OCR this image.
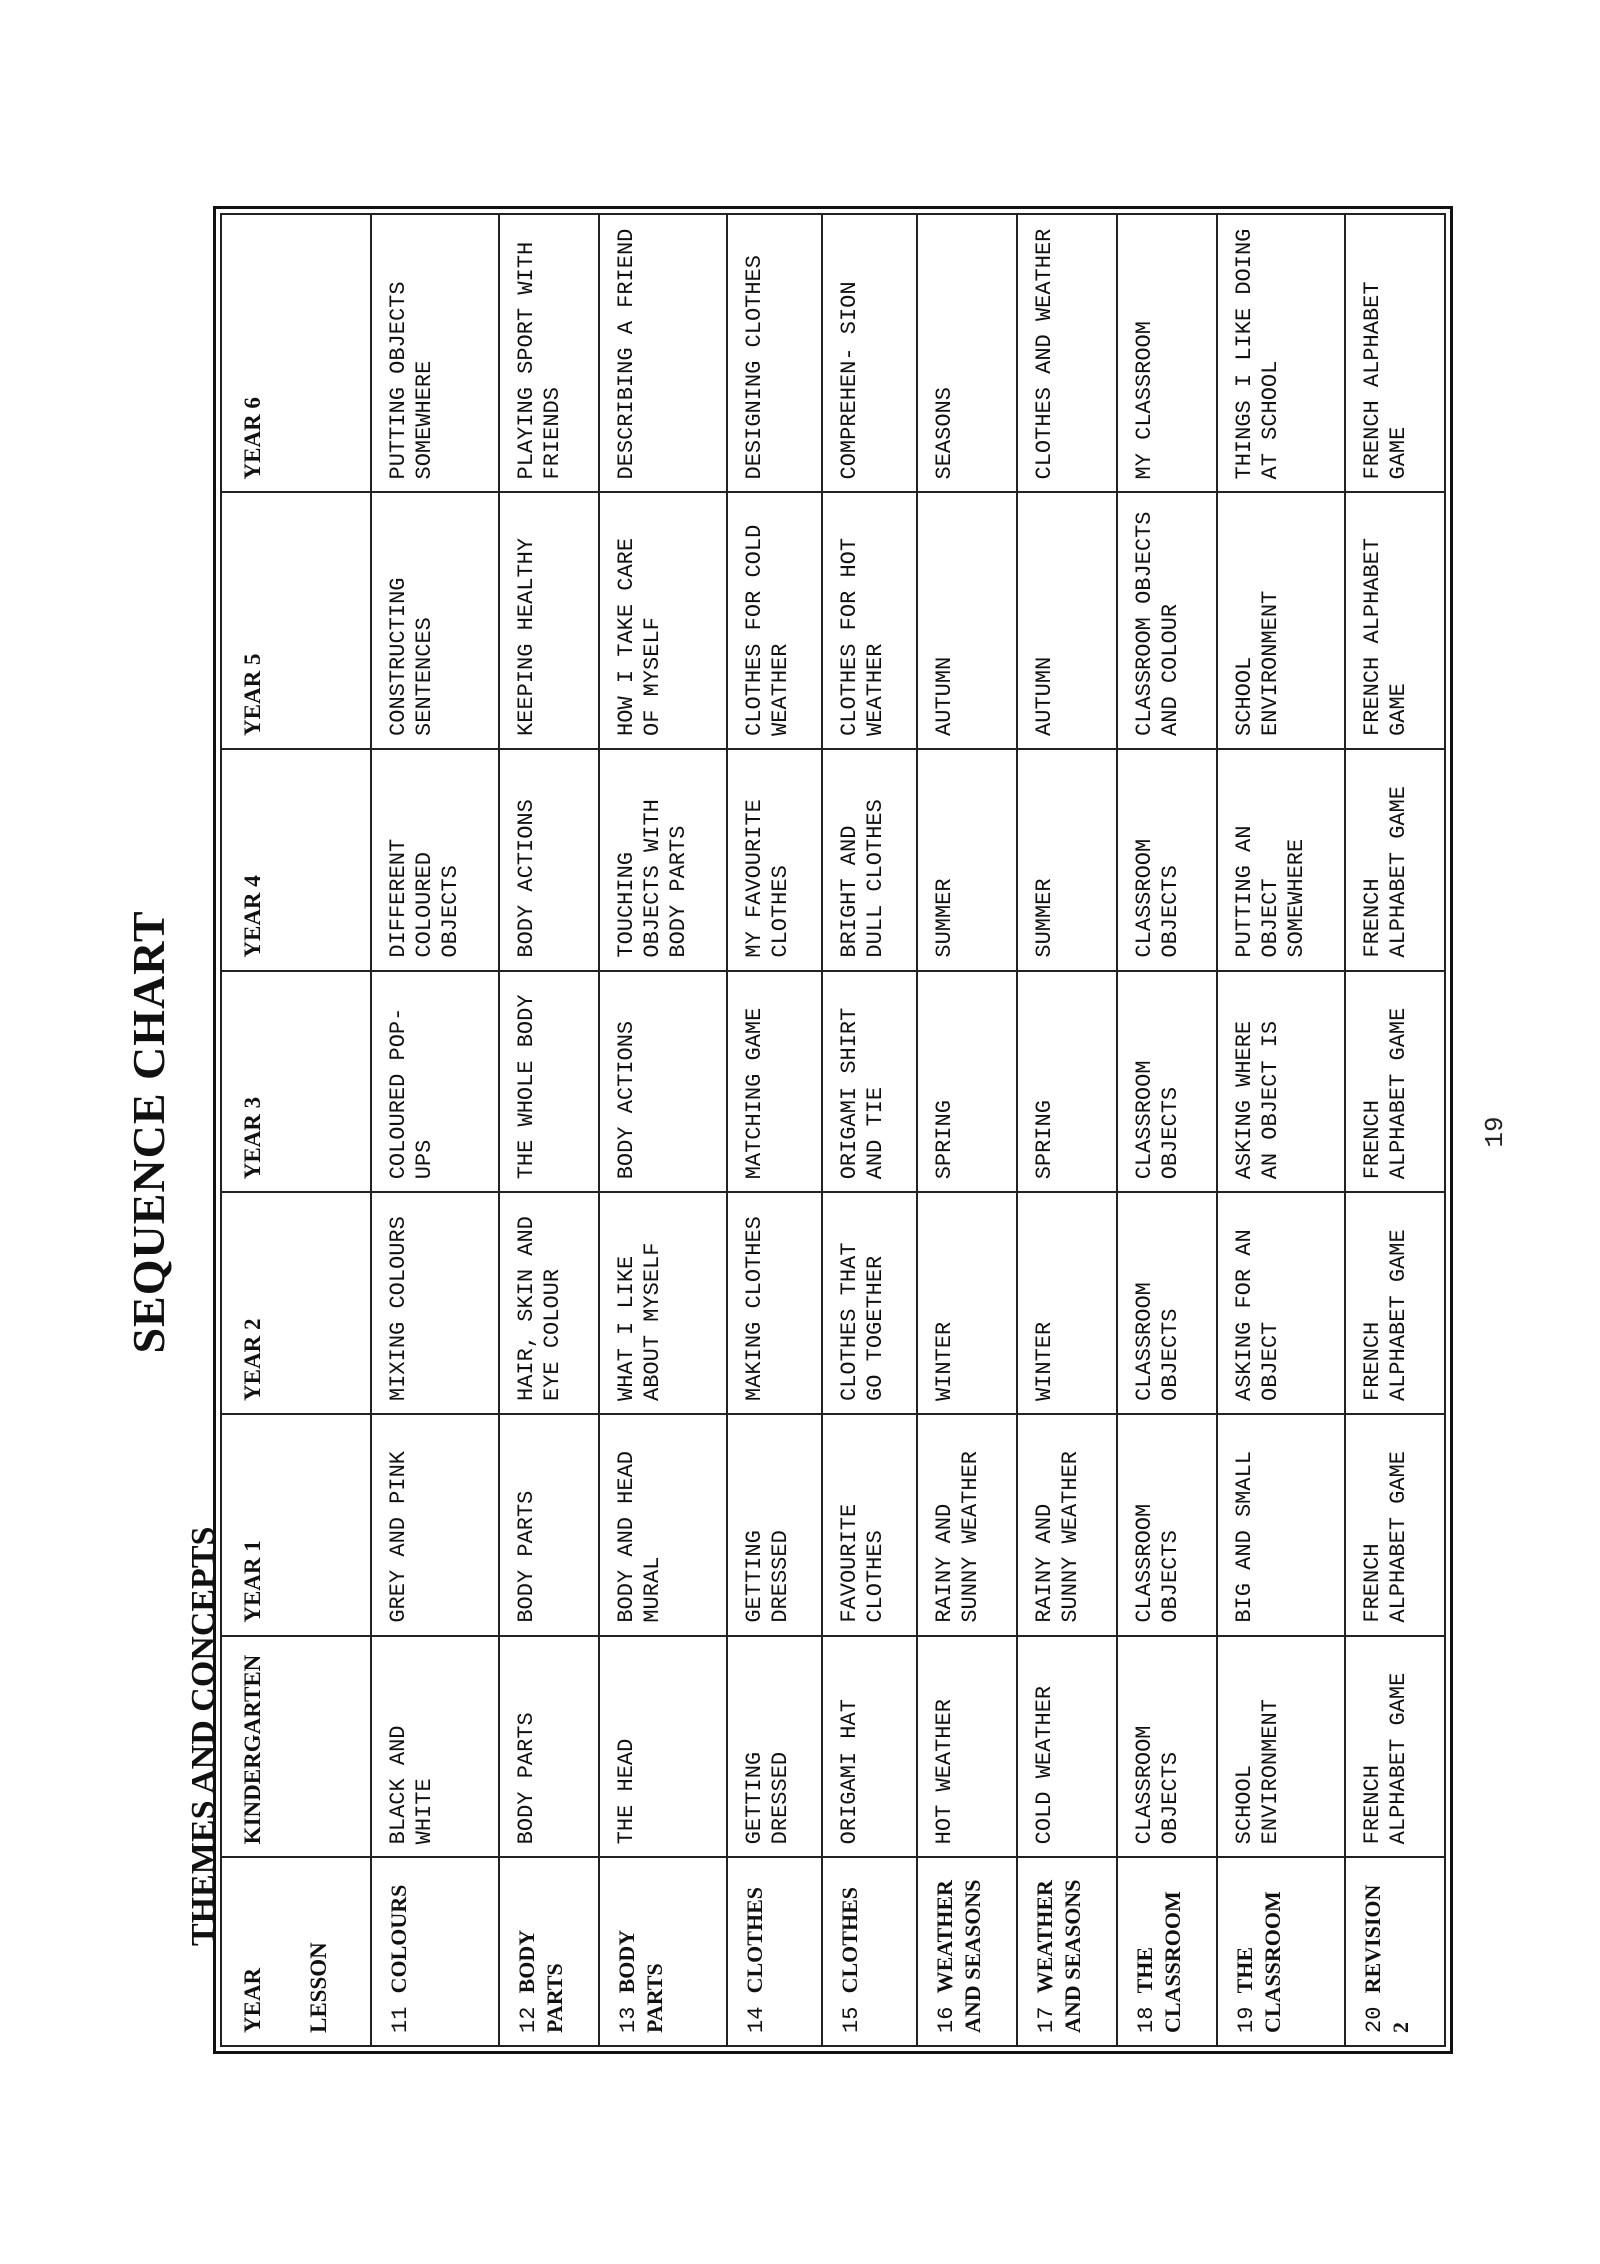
SEQUENCE CHART
THEMES AND CONCEPTS
YEAR LESSON	KINDERGARTEN	YEAR 1	YEAR 2	YEAR 3	YEAR 4	YEAR 5	YEAR 6
11 COLOURS	BLACK AND WHITE	GREY AND PINK	MIXING COLOURS	COLOURED POP-UPS	DIFFERENT COLOURED OBJECTS	CONSTRUCTING SENTENCES	PUTTING OBJECTS SOMEWHERE
12 BODY PARTS	BODY PARTS	BODY PARTS	HAIR, SKIN AND EYE COLOUR	THE WHOLE BODY	BODY ACTIONS	KEEPING HEALTHY	PLAYING SPORT WITH FRIENDS
13 BODY PARTS	THE HEAD	BODY AND HEAD MURAL	WHAT I LIKE ABOUT MYSELF	BODY ACTIONS	TOUCHING OBJECTS WITH BODY PARTS	HOW I TAKE CARE OF MYSELF	DESCRIBING A FRIEND
14 CLOTHES	GETTING DRESSED	GETTING DRESSED	MAKING CLOTHES	MATCHING GAME	MY FAVOURITE CLOTHES	CLOTHES FOR COLD WEATHER	DESIGNING CLOTHES
15 CLOTHES	ORIGAMI HAT	FAVOURITE CLOTHES	CLOTHES THAT GO TOGETHER	ORIGAMI SHIRT AND TIE	BRIGHT AND DULL CLOTHES	CLOTHES FOR HOT WEATHER	COMPREHEN- SION
16 WEATHER AND SEASONS	HOT WEATHER	RAINY AND SUNNY WEATHER	WINTER	SPRING	SUMMER	AUTUMN	SEASONS
17 WEATHER AND SEASONS	COLD WEATHER	RAINY AND SUNNY WEATHER	WINTER	SPRING	SUMMER	AUTUMN	CLOTHES AND WEATHER
18 THE CLASSROOM	CLASSROOM OBJECTS	CLASSROOM OBJECTS	CLASSROOM OBJECTS	CLASSROOM OBJECTS	CLASSROOM OBJECTS	CLASSROOM OBJECTS AND COLOUR	MY CLASSROOM
19 THE CLASSROOM	SCHOOL ENVIRONMENT	BIG AND SMALL	ASKING FOR AN OBJECT	ASKING WHERE AN OBJECT IS	PUTTING AN OBJECT SOMEWHERE	SCHOOL ENVIRONMENT	THINGS I LIKE DOING AT SCHOOL
20 REVISION 2	FRENCH ALPHABET GAME	FRENCH ALPHABET GAME	FRENCH ALPHABET GAME	FRENCH ALPHABET GAME	FRENCH ALPHABET GAME	FRENCH ALPHABET GAME	FRENCH ALPHABET GAME
19
